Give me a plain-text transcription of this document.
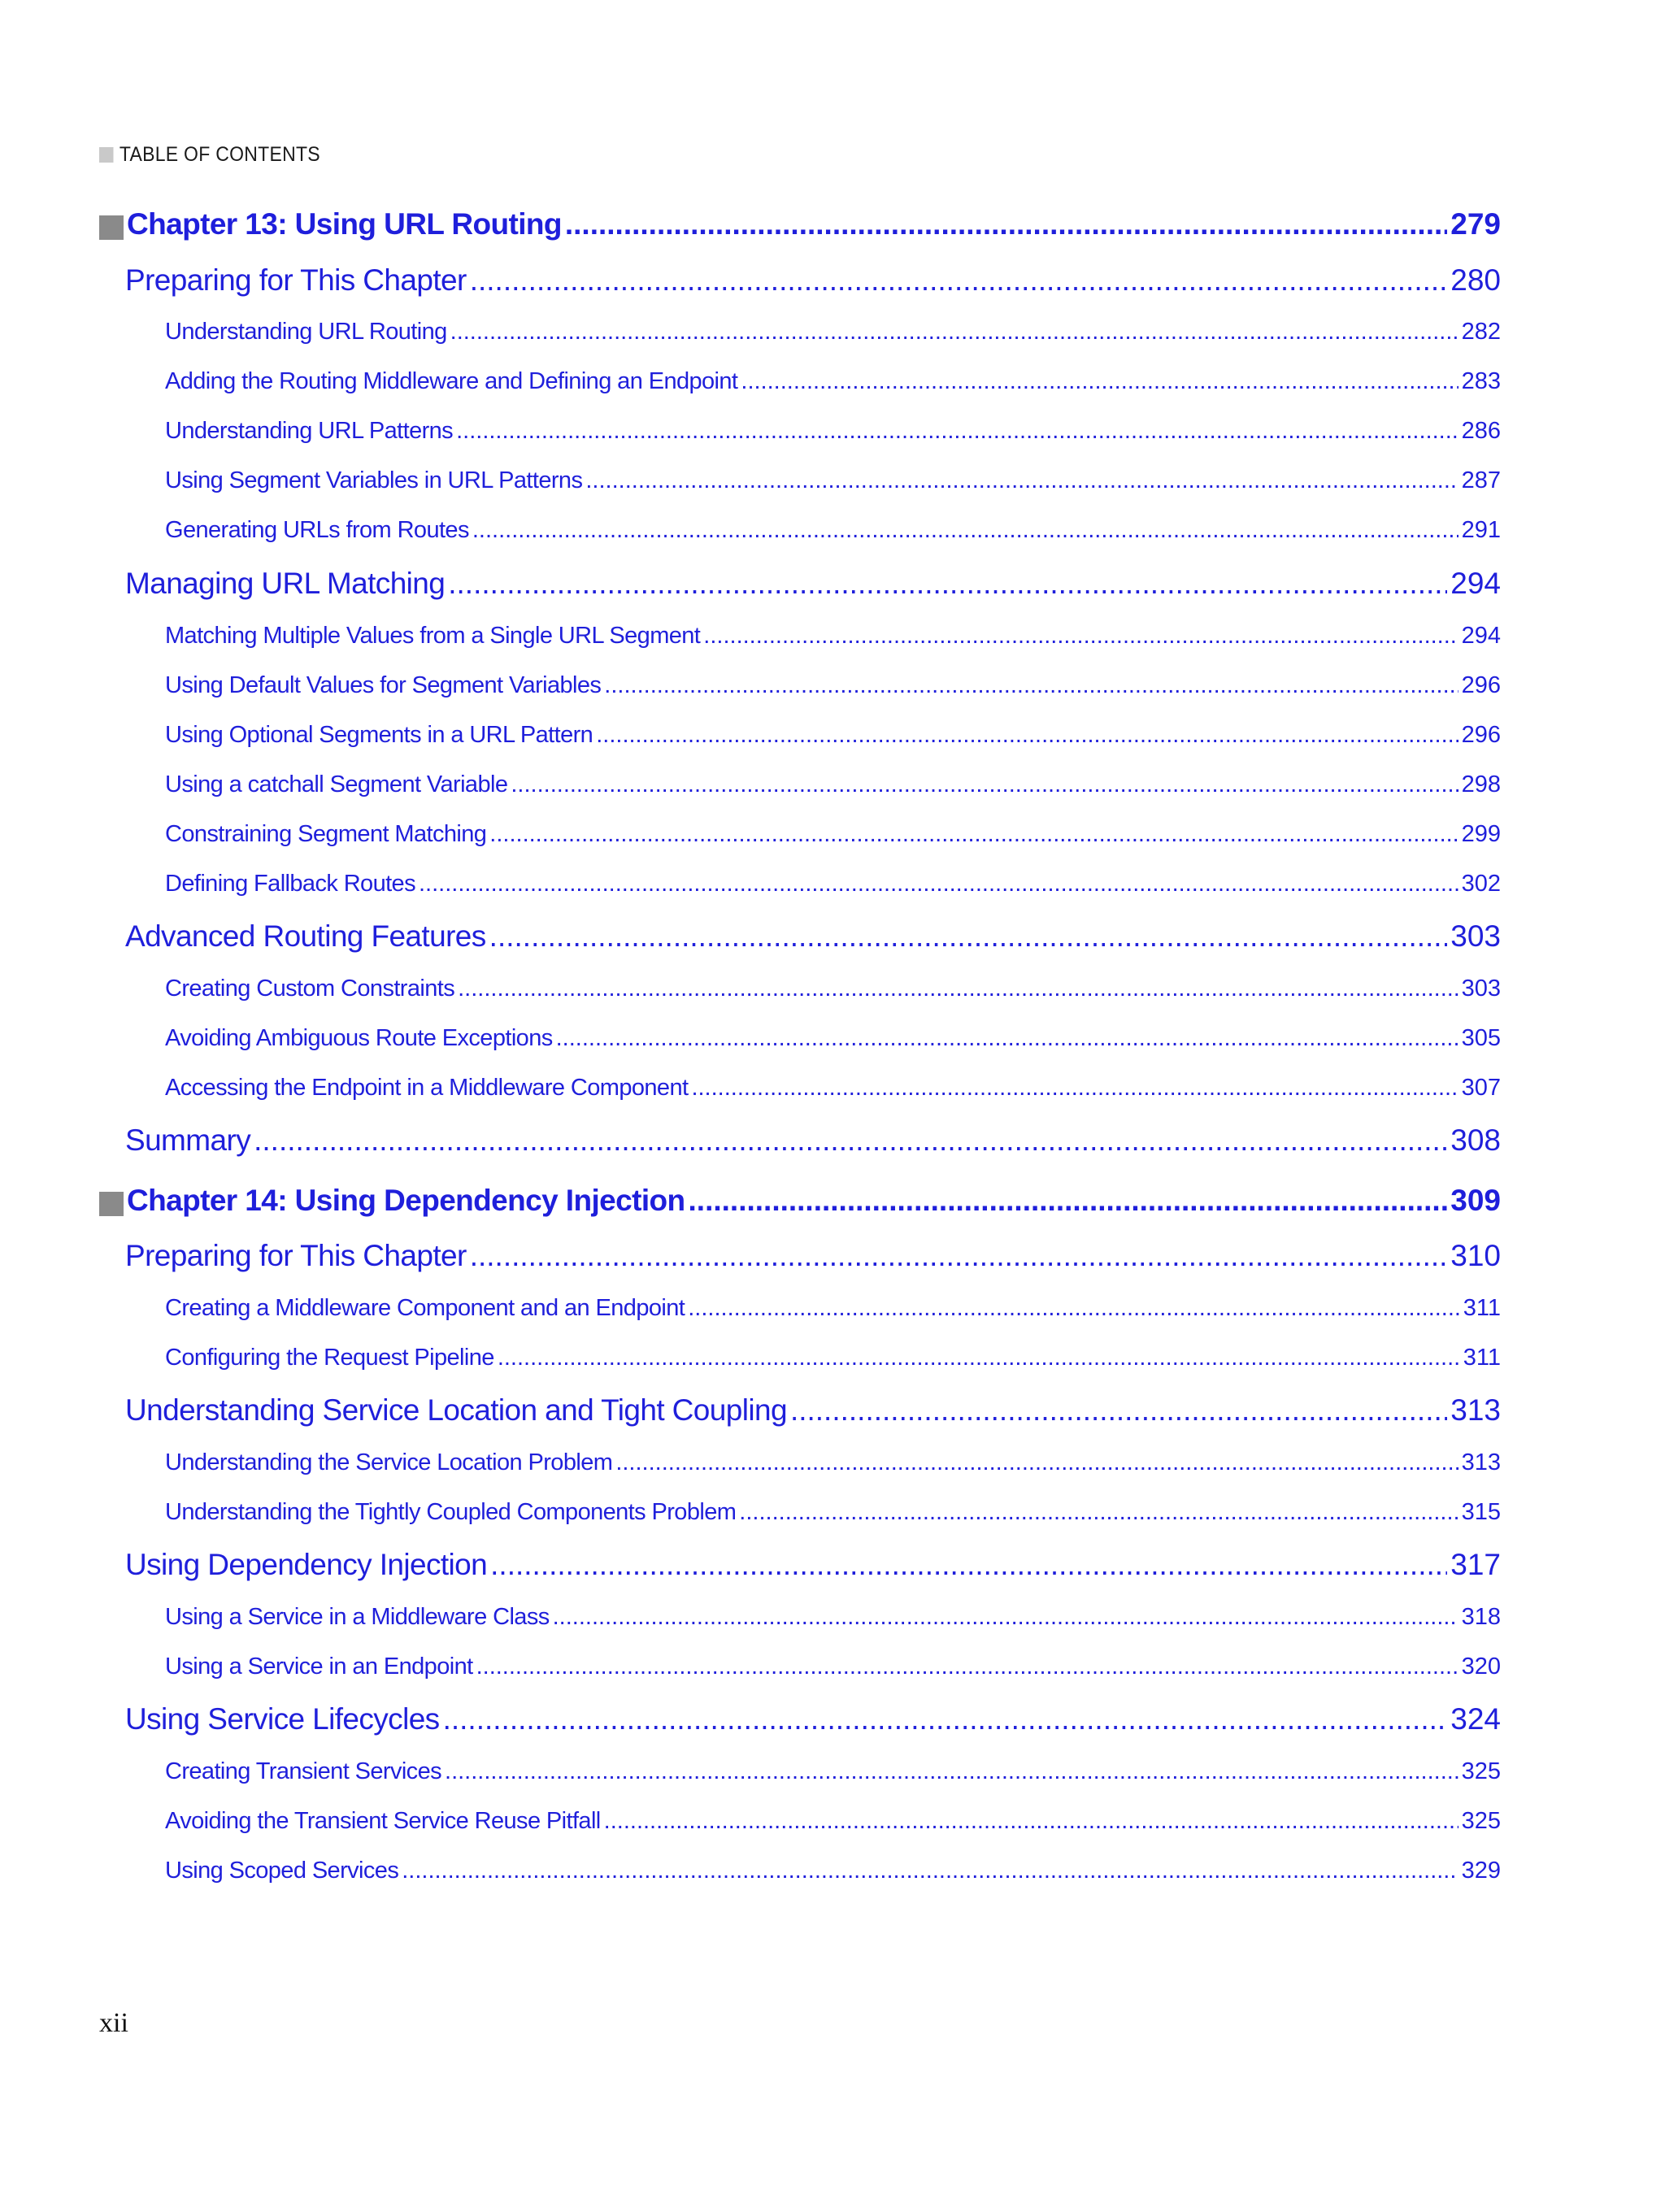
TABLE OF CONTENTS
Chapter 13: Using URL Routing .....	279
Preparing for This Chapter .....	280
Understanding URL Routing .....	282
Adding the Routing Middleware and Defining an Endpoint .....	283
Understanding URL Patterns .....	286
Using Segment Variables in URL Patterns .....	287
Generating URLs from Routes .....	291
Managing URL Matching .....	294
Matching Multiple Values from a Single URL Segment .....	294
Using Default Values for Segment Variables .....	296
Using Optional Segments in a URL Pattern .....	296
Using a catchall Segment Variable .....	298
Constraining Segment Matching .....	299
Defining Fallback Routes .....	302
Advanced Routing Features .....	303
Creating Custom Constraints .....	303
Avoiding Ambiguous Route Exceptions .....	305
Accessing the Endpoint in a Middleware Component .....	307
Summary .....	308
Chapter 14: Using Dependency Injection .....	309
Preparing for This Chapter .....	310
Creating a Middleware Component and an Endpoint .....	311
Configuring the Request Pipeline .....	311
Understanding Service Location and Tight Coupling .....	313
Understanding the Service Location Problem .....	313
Understanding the Tightly Coupled Components Problem .....	315
Using Dependency Injection .....	317
Using a Service in a Middleware Class .....	318
Using a Service in an Endpoint .....	320
Using Service Lifecycles .....	324
Creating Transient Services .....	325
Avoiding the Transient Service Reuse Pitfall .....	325
Using Scoped Services .....	329
xii
